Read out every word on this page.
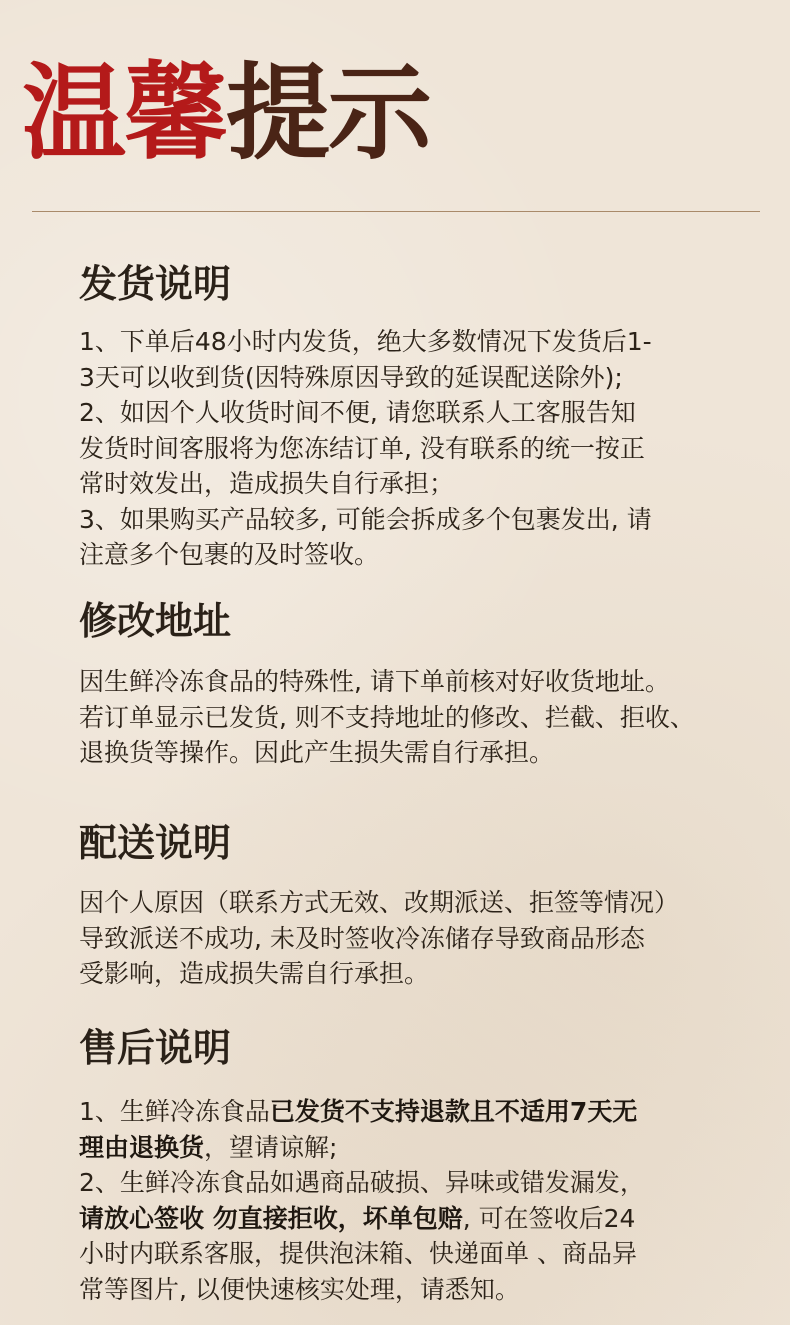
温馨提示
发货说明

1、下单后48小时内发货，绝大多数情况下发货后1-
3天可以收到货(因特殊原因导致的延误配送除外);
2、如因个人收货时间不便, 请您联系人工客服告知
发货时间客服将为您冻结订单, 没有联系的统一按正
常时效发出，造成损失自行承担；
3、如果购买产品较多, 可能会拆成多个包裹发出, 请
注意多个包裹的及时签收。

修改地址

因生鲜冷冻食品的特殊性, 请下单前核对好收货地址。
若订单显示已发货, 则不支持地址的修改、拦截、拒收、
退换货等操作。因此产生损失需自行承担。

配送说明

因个人原因（联系方式无效、改期派送、拒签等情况）
导致派送不成功, 未及时签收冷冻储存导致商品形态
受影响，造成损失需自行承担。

售后说明

1、生鲜冷冻食品已发货不支持退款且不适用7天无
理由退换货，望请谅解;
2、生鲜冷冻食品如遇商品破损、异味或错发漏发，
请放心签收 勿直接拒收，坏单包赔, 可在签收后24
小时内联系客服，提供泡沫箱、快递面单 、商品异
常等图片, 以便快速核实处理，请悉知。
